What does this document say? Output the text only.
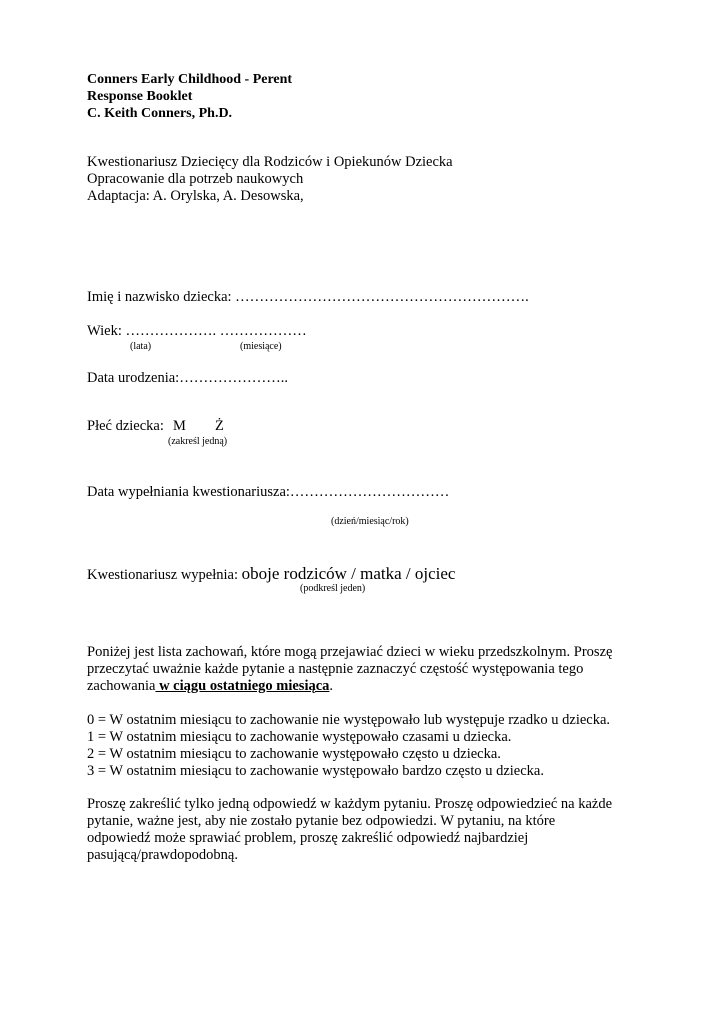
Conners Early Childhood - Perent
Response Booklet
C. Keith Conners, Ph.D.
Kwestionariusz Dziecięcy dla Rodziców i Opiekunów Dziecka
Opracowanie dla potrzeb naukowych
Adaptacja: A. Orylska, A. Desowska,
Imię i nazwisko dziecka: …………………………………………………….
Wiek: ………………. ………………
(lata)	(miesiące)
Data urodzenia:…………………..
Płeć dziecka: M Ż
(zakreśl jedną)
Data wypełniania kwestionariusza:……………………………
(dzień/miesiąc/rok)
Kwestionariusz wypełnia: oboje rodziców / matka / ojciec
(podkreśl jeden)
Poniżej jest lista zachowań, które mogą przejawiać dzieci w wieku przedszkolnym. Proszę
przeczytać uważnie każde pytanie a następnie zaznaczyć częstość występowania tego
zachowania w ciągu ostatniego miesiąca.
0 = W ostatnim miesiącu to zachowanie nie występowało lub występuje rzadko u dziecka.
1 = W ostatnim miesiącu to zachowanie występowało czasami u dziecka.
2 = W ostatnim miesiącu to zachowanie występowało często u dziecka.
3 = W ostatnim miesiącu to zachowanie występowało bardzo często u dziecka.
Proszę zakreślić tylko jedną odpowiedź w każdym pytaniu. Proszę odpowiedzieć na każde
pytanie, ważne jest, aby nie zostało pytanie bez odpowiedzi. W pytaniu, na które
odpowiedź może sprawiać problem, proszę zakreślić odpowiedź najbardziej
pasującą/prawdopodobną.
